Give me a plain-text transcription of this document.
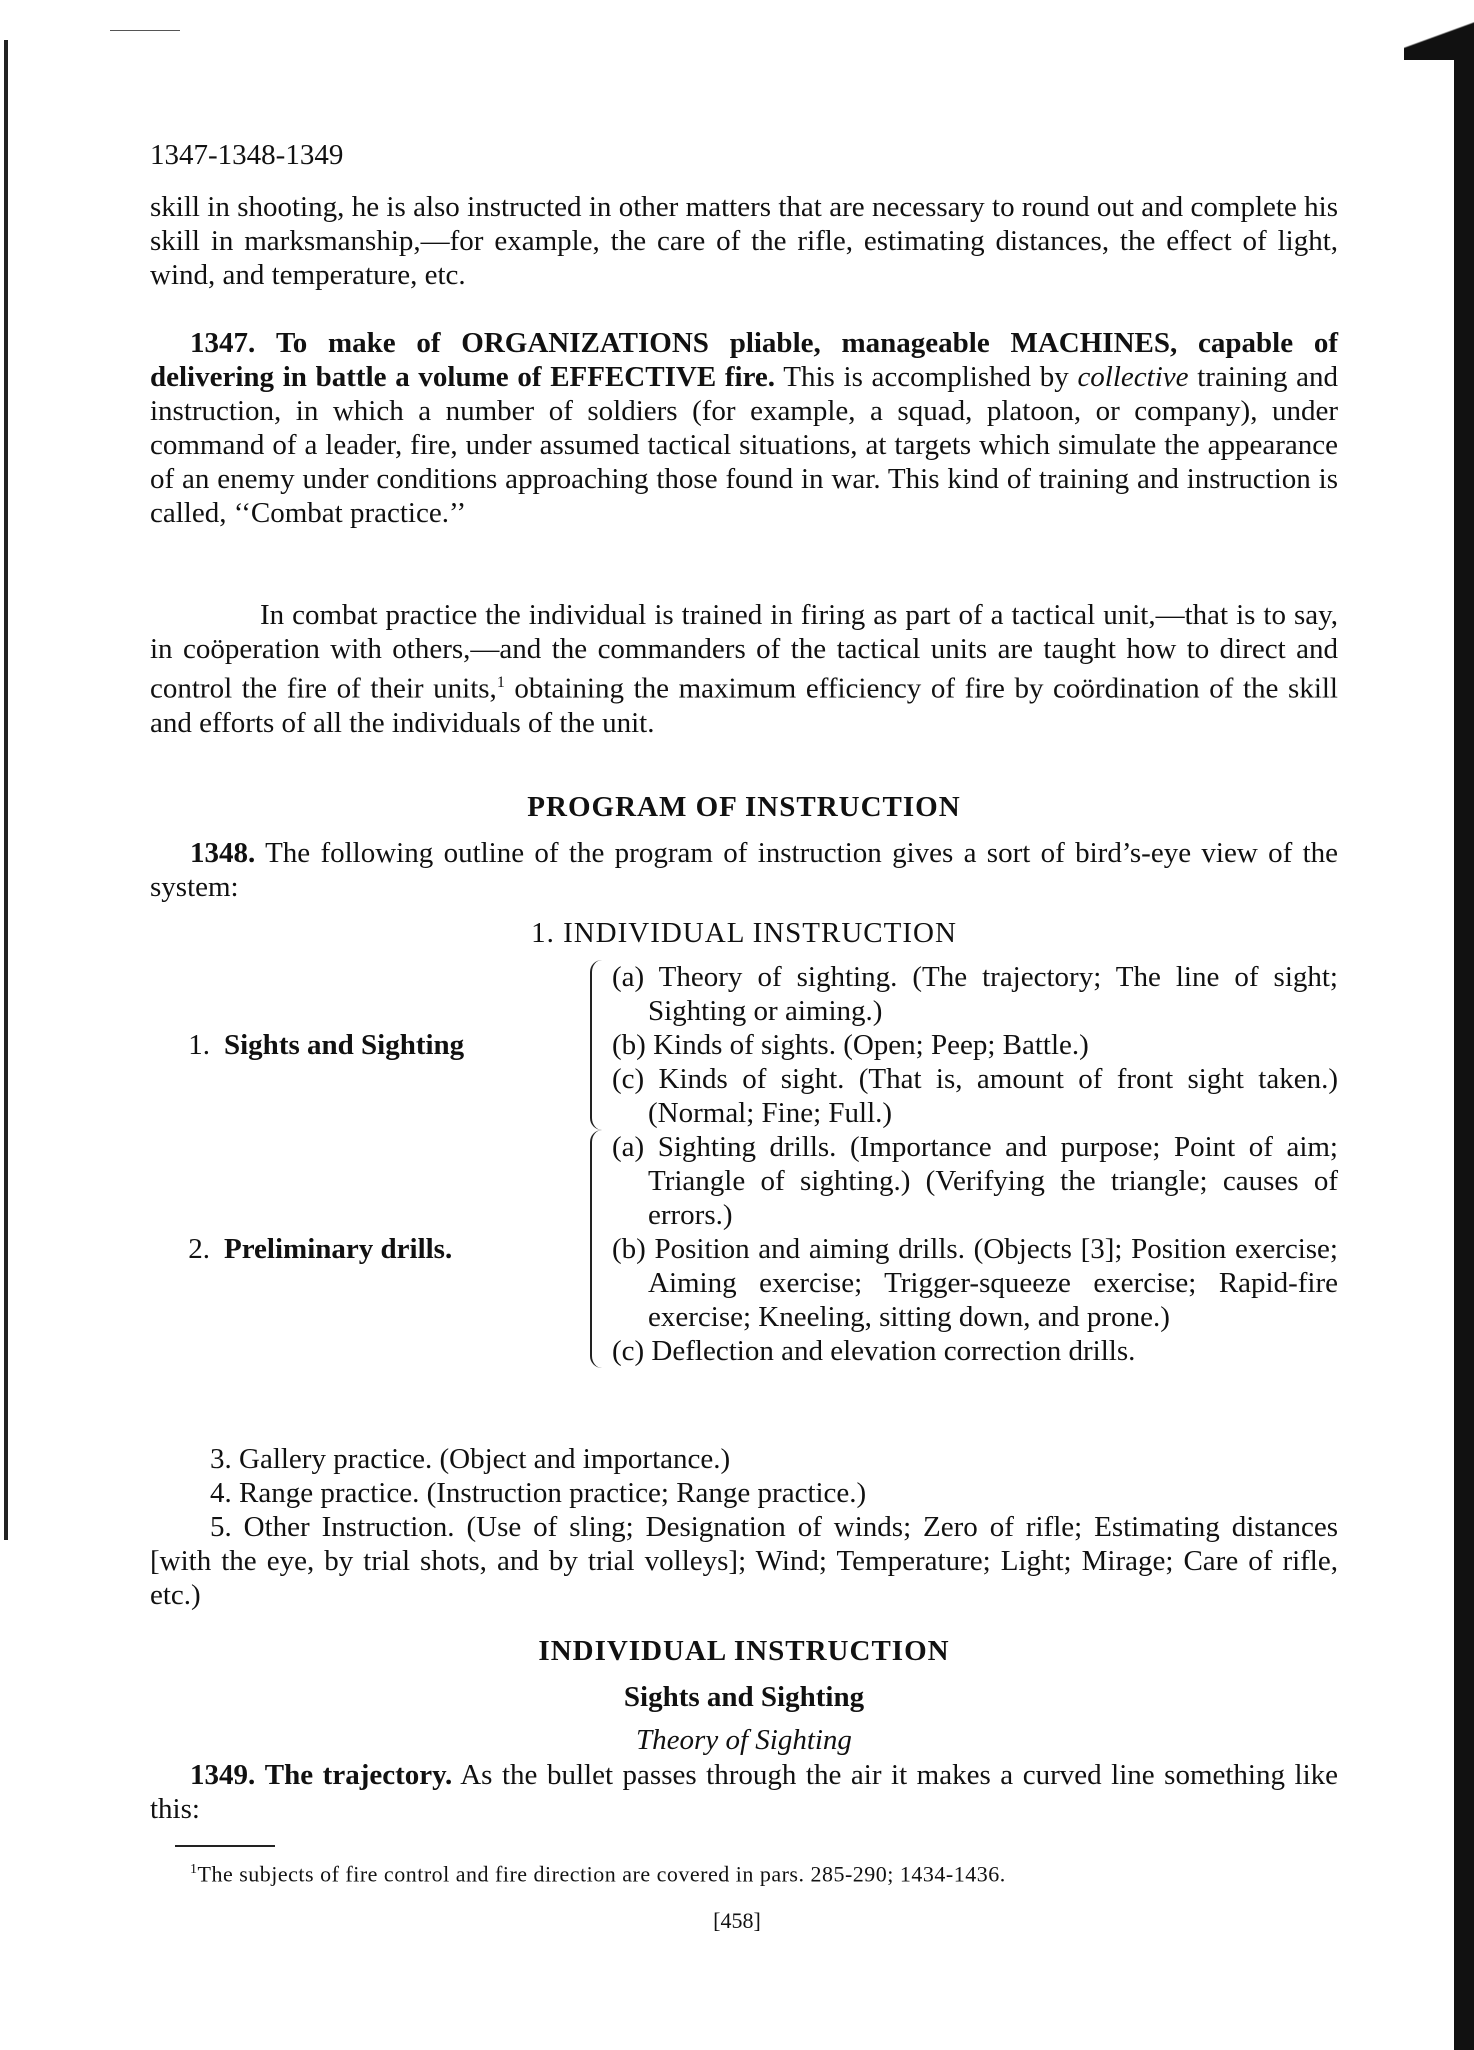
1347-1348-1349
skill in shooting, he is also instructed in other matters that are necessary to round out and complete his skill in marksmanship,—for example, the care of the rifle, estimating distances, the effect of light, wind, and temperature, etc.
1347. To make of ORGANIZATIONS pliable, manageable MACHINES, capable of delivering in battle a volume of EFFECTIVE fire. This is accomplished by collective training and instruction, in which a number of soldiers (for example, a squad, platoon, or company), under command of a leader, fire, under assumed tactical situations, at targets which simulate the appearance of an enemy under conditions approaching those found in war. This kind of training and instruction is called, ‘‘Combat practice.’’
In combat practice the individual is trained in firing as part of a tactical unit,—that is to say, in coöperation with others,—and the commanders of the tactical units are taught how to direct and control the fire of their units,$^1$ obtaining the maximum efficiency of fire by coördination of the skill and efforts of all the individuals of the unit.
PROGRAM OF INSTRUCTION
1348. The following outline of the program of instruction gives a sort of bird’s-eye view of the system:
1. INDIVIDUAL INSTRUCTION
1. Sights and Sighting
(a) Theory of sighting. (The trajectory; The line of sight; Sighting or aiming.)
(b) Kinds of sights. (Open; Peep; Battle.)
(c) Kinds of sight. (That is, amount of front sight taken.) (Normal; Fine; Full.)
2. Preliminary drills.
(a) Sighting drills. (Importance and purpose; Point of aim; Triangle of sighting.) (Verifying the triangle; causes of errors.)
(b) Position and aiming drills. (Objects [3]; Position exercise; Aiming exercise; Trigger-squeeze exercise; Rapid-fire exercise; Kneeling, sitting down, and prone.)
(c) Deflection and elevation correction drills.
3. Gallery practice. (Object and importance.)
4. Range practice. (Instruction practice; Range practice.)
5. Other Instruction. (Use of sling; Designation of winds; Zero of rifle; Estimating distances [with the eye, by trial shots, and by trial volleys]; Wind; Temperature; Light; Mirage; Care of rifle, etc.)
INDIVIDUAL INSTRUCTION
Sights and Sighting
Theory of Sighting
1349. The trajectory. As the bullet passes through the air it makes a curved line something like this:
$^1$The subjects of fire control and fire direction are covered in pars. 285-290; 1434-1436.
[458]
